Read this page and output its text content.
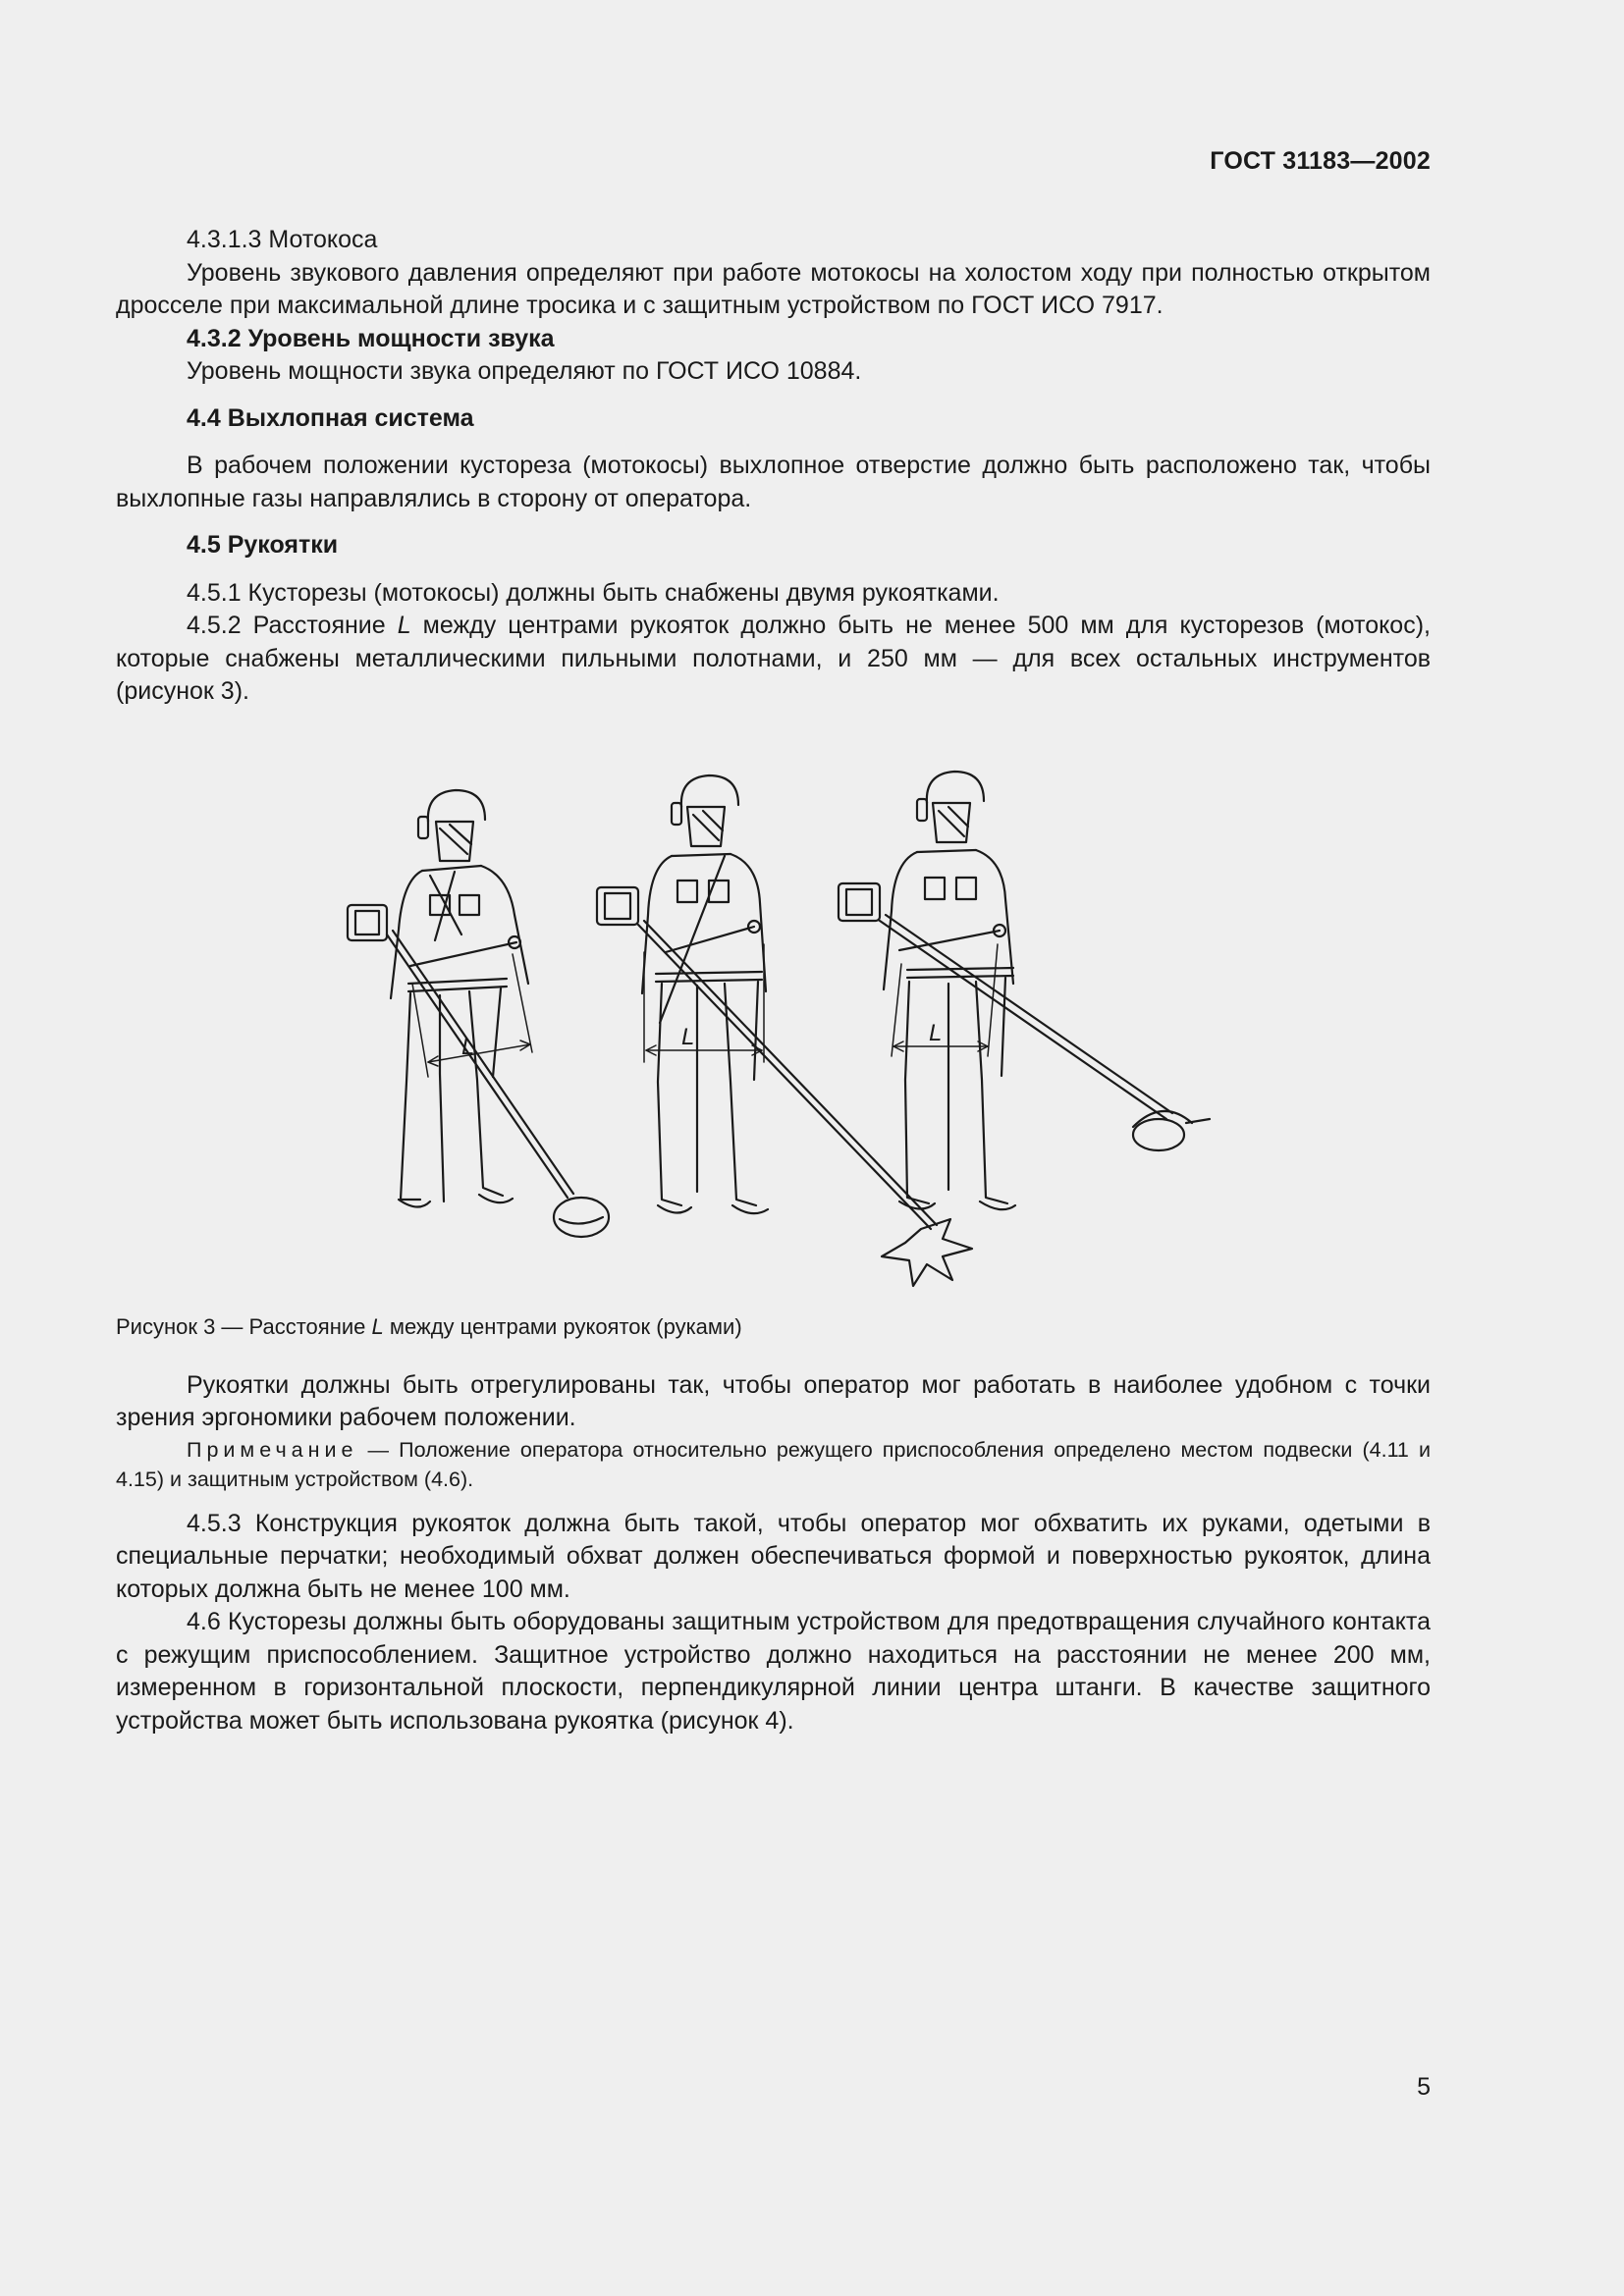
ГОСТ 31183—2002

4.3.1.3 Мотокоса

Уровень звукового давления определяют при работе мотокосы на холостом ходу при полностью открытом дросселе при максимальной длине тросика и с защитным устройством по ГОСТ ИСО 7917.

4.3.2 Уровень мощности звука

Уровень мощности звука определяют по ГОСТ ИСО 10884.

4.4 Выхлопная система

В рабочем положении кустореза (мотокосы) выхлопное отверстие должно быть расположено так, чтобы выхлопные газы направлялись в сторону от оператора.

4.5 Рукоятки

4.5.1 Кусторезы (мотокосы) должны быть снабжены двумя рукоятками.

4.5.2 Расстояние L между центрами рукояток должно быть не менее 500 мм для кусторезов (мотокос), которые снабжены металлическими пильными полотнами, и 250 мм — для всех остальных инструментов (рисунок 3).

L	L	L

Рисунок 3 — Расстояние L между центрами рукояток (руками)

Рукоятки должны быть отрегулированы так, чтобы оператор мог работать в наиболее удобном с точки зрения эргономики рабочем положении.

Примечание — Положение оператора относительно режущего приспособления определено местом подвески (4.11 и 4.15) и защитным устройством (4.6).

4.5.3 Конструкция рукояток должна быть такой, чтобы оператор мог обхватить их руками, одетыми в специальные перчатки; необходимый обхват должен обеспечиваться формой и поверхностью рукояток, длина которых должна быть не менее 100 мм.

4.6 Кусторезы должны быть оборудованы защитным устройством для предотвращения случайного контакта с режущим приспособлением. Защитное устройство должно находиться на расстоянии не менее 200 мм, измеренном в горизонтальной плоскости, перпендикулярной линии центра штанги. В качестве защитного устройства может быть использована рукоятка (рисунок 4).

5
